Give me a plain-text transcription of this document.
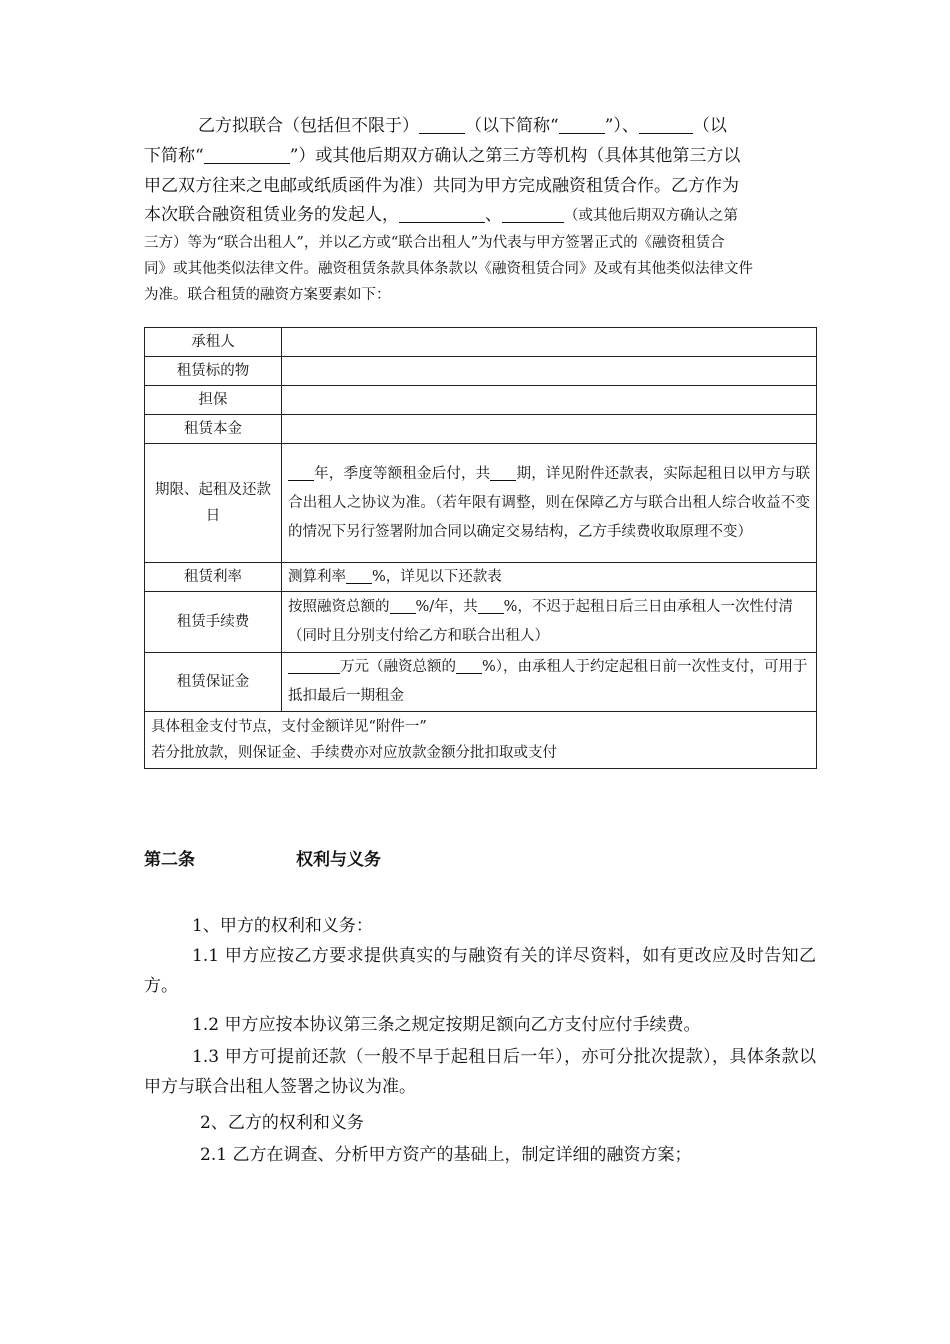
乙方拟联合（包括但不限于）	（以下简称“	”）、	（以

下简称“	”）或其他后期双方确认之第三方等机构（具体其他第三方以

甲乙双方往来之电邮或纸质函件为准）共同为甲方完成融资租赁合作。乙方作为

本次联合融资租赁业务的发起人，	、	（或其他后期双方确认之第

三方）等为“联合出租人”，并以乙方或“联合出租人”为代表与甲方签署正式的《融资租赁合

同》或其他类似法律文件。融资租赁条款具体条款以《融资租赁合同》及或有其他类似法律文件

为准。联合租赁的融资方案要素如下：

承租人	
租赁标的物	
担保	
租赁本金	
期限、起租及还款日	年，季度等额租金后付，共 期，详见附件还款表，实际起租日以甲方与联合出租人之协议为准。（若年限有调整，则在保障乙方与联合出租人综合收益不变的情况下另行签署附加合同以确定交易结构，乙方手续费收取原理不变）
租赁利率	测算利率 %，详见以下还款表
租赁手续费	按照融资总额的 %/年，共 %，不迟于起租日后三日由承租人一次性付清（同时且分别支付给乙方和联合出租人）
租赁保证金	万元（融资总额的 %），由承租人于约定起租日前一次性支付，可用于抵扣最后一期租金

具体租金支付节点，支付金额详见“附件一”
若分批放款，则保证金、手续费亦对应放款金额分批扣取或支付	
第二条	权利与义务

1、甲方的权利和义务：

1.1 甲方应按乙方要求提供真实的与融资有关的详尽资料，如有更改应及时告知乙方。

1.2 甲方应按本协议第三条之规定按期足额向乙方支付应付手续费。

1.3 甲方可提前还款（一般不早于起租日后一年），亦可分批次提款），具体条款以甲方与联合出租人签署之协议为准。

2、乙方的权利和义务

2.1 乙方在调查、分析甲方资产的基础上，制定详细的融资方案；
